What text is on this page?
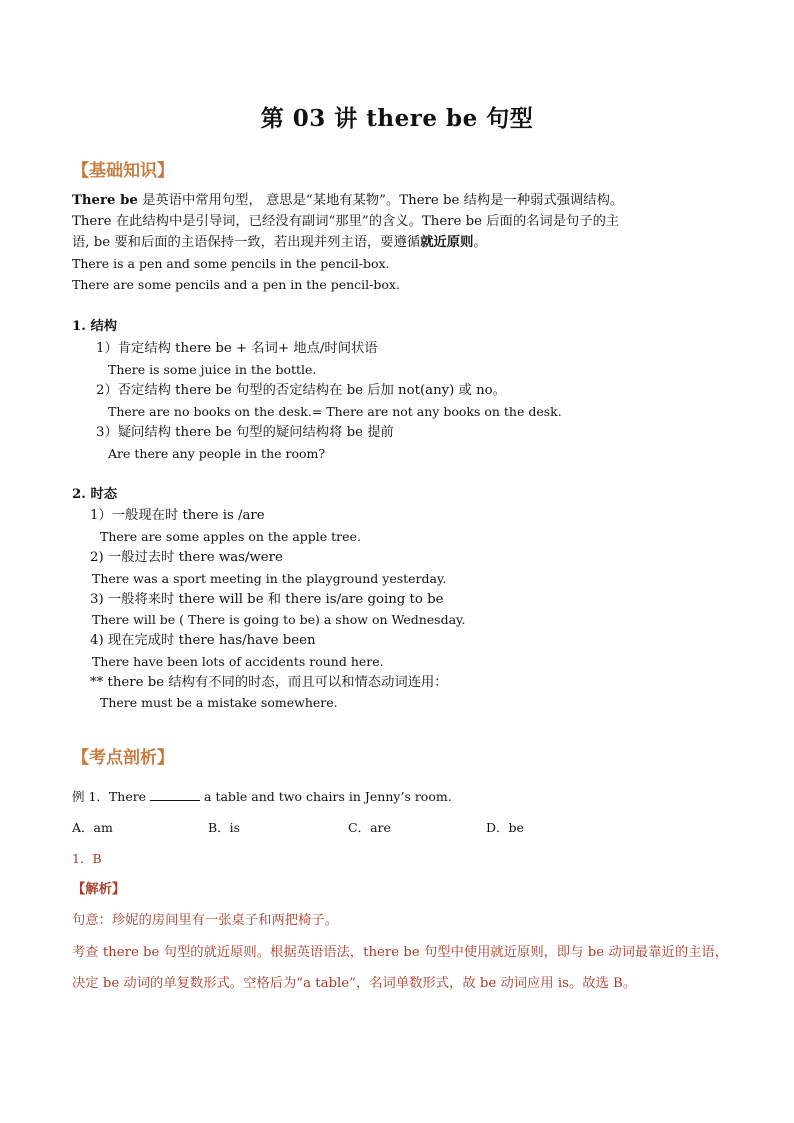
第 03 讲 there be 句型
【基础知识】
There be 是英语中常用句型， 意思是“某地有某物”。There be 结构是一种弱式强调结构。
There 在此结构中是引导词，已经没有副词“那里”的含义。There be 后面的名词是句子的主
语, be 要和后面的主语保持一致，若出现并列主语，要遵循就近原则。
There is a pen and some pencils in the pencil-box.
There are some pencils and a pen in the pencil-box.
1. 结构
1）肯定结构 there be + 名词+ 地点/时间状语
There is some juice in the bottle.
2）否定结构 there be 句型的否定结构在 be 后加 not(any) 或 no。
There are no books on the desk.= There are not any books on the desk.
3）疑问结构 there be 句型的疑问结构将 be 提前
Are there any people in the room?
2. 时态
1）一般现在时 there is /are
There are some apples on the apple tree.
2) 一般过去时 there was/were
There was a sport meeting in the playground yesterday.
3) 一般将来时 there will be 和 there is/are going to be
There will be ( There is going to be) a show on Wednesday.
4) 现在完成时 there has/have been
There have been lots of accidents round here.
** there be 结构有不同的时态，而且可以和情态动词连用：
There must be a mistake somewhere.
【考点剖析】
例 1．There	a table and two chairs in Jenny’s room.
A．am	B．is	C．are	D．be
1．B
【解析】
句意：珍妮的房间里有一张桌子和两把椅子。
考查 there be 句型的就近原则。根据英语语法，there be 句型中使用就近原则，即与 be 动词最靠近的主语，
决定 be 动词的单复数形式。空格后为“a table”，名词单数形式，故 be 动词应用 is。故选 B。
